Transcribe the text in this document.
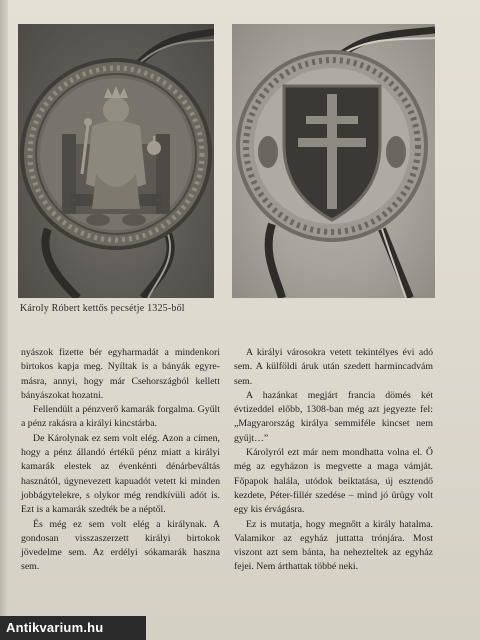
Károly Róbert kettős pecsétje 1325-ből

nyászok fizette bér egyharmadát a mindenkori birtokos kapja meg. Nyíltak is a bányák egyre-másra, annyi, hogy már Csehországból kellett bányászokat hozatni.

Fellendült a pénzverő kamarák forgalma. Gyűlt a pénz rakásra a királyi kincstárba.

De Károlynak ez sem volt elég. Azon a címen, hogy a pénz állandó értékű pénz miatt a királyi kamarák elestek az évenkénti dénárbeváltás hasznától, úgynevezett kapuadót vetett ki minden jobbágytelekre, s olykor még rendkívüli adót is. Ezt is a kamarák szedték be a néptől.

És még ez sem volt elég a királynak. A gondosan visszaszerzett királyi birtokok jövedelme sem. Az erdélyi sókamarák haszna sem.

A királyi városokra vetett tekintélyes évi adó sem. A külföldi áruk után szedett harmincadvám sem.

A hazánkat megjárt francia dömés két évtizeddel előbb, 1308-ban még azt jegyezte fel: „Magyarország királya semmiféle kincset nem gyűjt…”

Károlyról ezt már nem mondhatta volna el. Ő még az egyházon is megvette a maga vámját. Főpapok halála, utódok beiktatása, új esztendő kezdete, Péter-fillér szedése – mind jó ürügy volt egy kis érvágásra.

Ez is mutatja, hogy megnőtt a király hatalma. Valamikor az egyház juttatta trónjára. Most viszont azt sem bánta, ha nehezteltek az egyház fejei. Nem árthattak többé neki.

Antikvarium.hu
